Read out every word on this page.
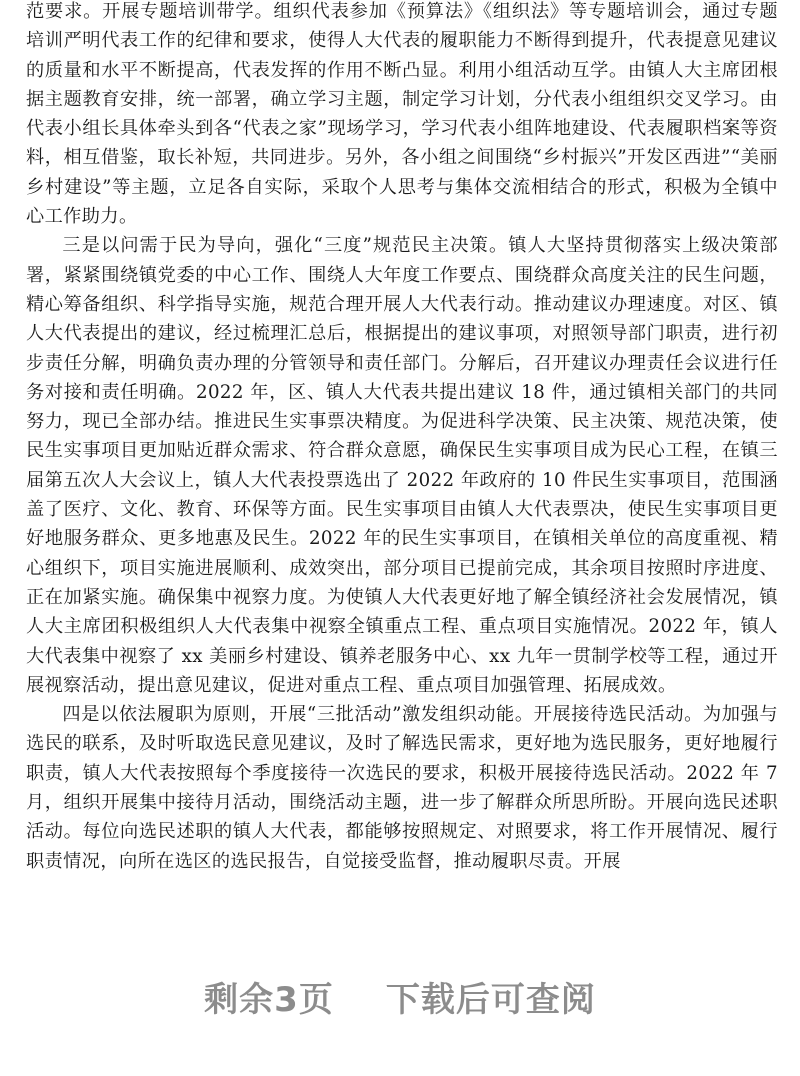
范要求。开展专题培训带学。组织代表参加《预算法》《组织法》等专题培训会，通过专题培训严明代表工作的纪律和要求，使得人大代表的履职能力不断得到提升，代表提意见建议的质量和水平不断提高，代表发挥的作用不断凸显。利用小组活动互学。由镇人大主席团根据主题教育安排，统一部署，确立学习主题，制定学习计划，分代表小组组织交叉学习。由代表小组长具体牵头到各“代表之家”现场学习，学习代表小组阵地建设、代表履职档案等资料，相互借鉴，取长补短，共同进步。另外，各小组之间围绕“乡村振兴”开发区西进”“美丽乡村建设”等主题，立足各自实际，采取个人思考与集体交流相结合的形式，积极为全镇中心工作助力。

三是以问需于民为导向，强化“三度”规范民主决策。镇人大坚持贯彻落实上级决策部署，紧紧围绕镇党委的中心工作、围绕人大年度工作要点、围绕群众高度关注的民生问题，精心筹备组织、科学指导实施，规范合理开展人大代表行动。推动建议办理速度。对区、镇人大代表提出的建议，经过梳理汇总后，根据提出的建议事项，对照领导部门职责，进行初步责任分解，明确负责办理的分管领导和责任部门。分解后，召开建议办理责任会议进行任务对接和责任明确。2022 年，区、镇人大代表共提出建议 18 件，通过镇相关部门的共同努力，现已全部办结。推进民生实事票决精度。为促进科学决策、民主决策、规范决策，使民生实事项目更加贴近群众需求、符合群众意愿，确保民生实事项目成为民心工程，在镇三届第五次人大会议上，镇人大代表投票选出了 2022 年政府的 10 件民生实事项目，范围涵盖了医疗、文化、教育、环保等方面。民生实事项目由镇人大代表票决，使民生实事项目更好地服务群众、更多地惠及民生。2022 年的民生实事项目，在镇相关单位的高度重视、精心组织下，项目实施进展顺利、成效突出，部分项目已提前完成，其余项目按照时序进度、正在加紧实施。确保集中视察力度。为使镇人大代表更好地了解全镇经济社会发展情况，镇人大主席团积极组织人大代表集中视察全镇重点工程、重点项目实施情况。2022 年，镇人大代表集中视察了 xx 美丽乡村建设、镇养老服务中心、xx 九年一贯制学校等工程，通过开展视察活动，提出意见建议，促进对重点工程、重点项目加强管理、拓展成效。

四是以依法履职为原则，开展“三批活动”激发组织动能。开展接待选民活动。为加强与选民的联系，及时听取选民意见建议，及时了解选民需求，更好地为选民服务，更好地履行职责，镇人大代表按照每个季度接待一次选民的要求，积极开展接待选民活动。2022 年 7 月，组织开展集中接待月活动，围绕活动主题，进一步了解群众所思所盼。开展向选民述职活动。每位向选民述职的镇人大代表，都能够按照规定、对照要求，将工作开展情况、履行职责情况，向所在选区的选民报告，自觉接受监督，推动履职尽责。开展

剩余3页 下载后可查阅
